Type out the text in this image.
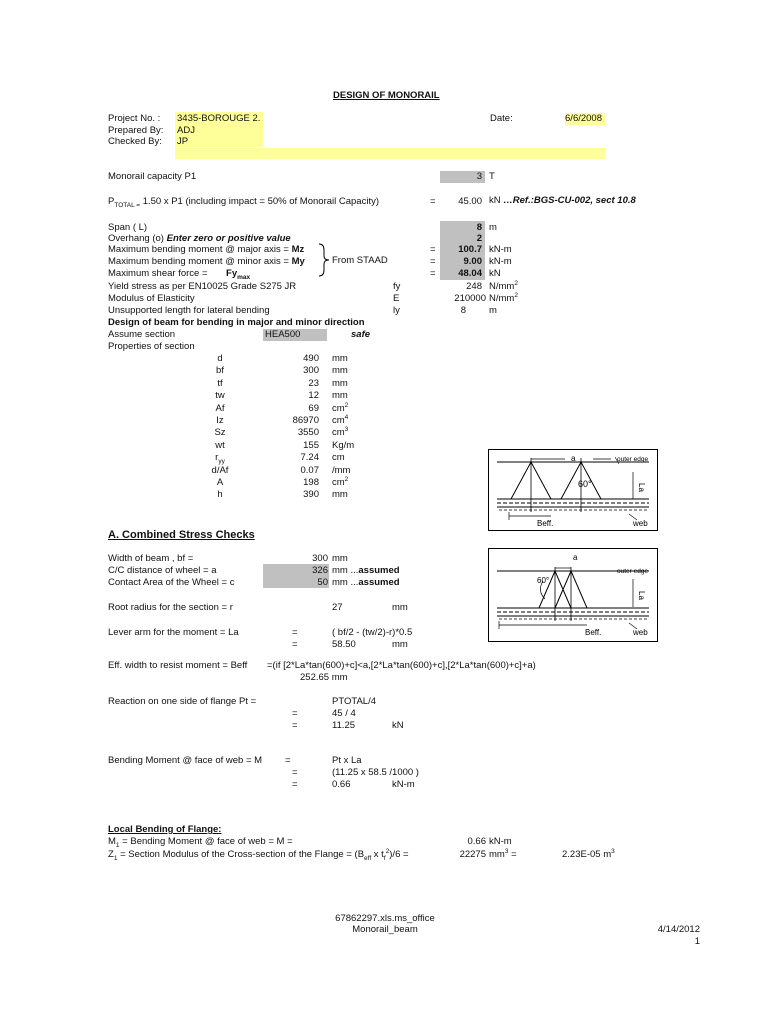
DESIGN OF MONORAIL
Project No. : 3435-BOROUGE 2.	Date:	6/6/2008
Prepared By: ADJ
Checked By: JP
Monorail capacity P1	3 T
$P_{TOTAL =}$ 1.50 x P1 (including impact = 50% of Monorail Capacity)	=	45.00 kN …Ref.:BGS-CU-002, sect 10.8
Span ( L)	8 m
Overhang (o) Enter zero or positive value	2
Maximum bending moment @ major axis = Mz	=	100.7 kN-m
Maximum bending moment @ minor axis = My	=	9.00 kN-m
Maximum shear force = $Fy_{max}$	=	48.04 kN
From STAAD
Yield stress as per EN10025 Grade S275 JR	fy	248 $N/mm^2$
Modulus of Elasticity	E	210000 $N/mm^2$
Unsupported length for lateral bending	ly	8 m
Design of beam for bending in major and minor direction
Assume section	HEA500	safe
Properties of section
d	490 mm
bf	300 mm
tf	23 mm
tw	12 mm
Af	69 $cm^2$
Iz	86970 $cm^4$
Sz	3550 $cm^3$
wt	155 Kg/m
$r_{yy}$	7.24 cm
d/Af	0.07 /mm
A	198 $cm^2$
h	390 mm
a	outer edge
60°	La
Beff.	web
a
outer edge
60°
La
Beff.	web
A. Combined Stress Checks
Width of beam , bf =	300 mm
C/C distance of wheel = a	326 mm ...assumed
Contact Area of the Wheel = c	50 mm ...assumed
Root radius for the section = r	27	mm
Lever arm for the moment = La	=	( bf/2 - (tw/2)-r)*0.5
=	58.50	mm
Eff. width to resist moment = Beff =(if [2*La*tan(600)+c]<a,[2*La*tan(600)+c],[2*La*tan(600)+c]+a)
252.65 mm
Reaction on one side of flange Pt =	PTOTAL/4
=	45 / 4
=	11.25	kN
Bending Moment @ face of web = M =	Pt x La
=	(11.25 x 58.5 /1000 )
=	0.66	kN-m
Local Bending of Flange:
$M_1$ = Bending Moment @ face of web = M =	0.66 kN-m
$Z_1$ = Section Modulus of the Cross-section of the Flange = ($B_{eff}$ x $t_f^2)/6$ =	22275 $mm^3$ =	2.23E-05 $m^3$
67862297.xls.ms_office
Monorail_beam	4/14/2012
1
